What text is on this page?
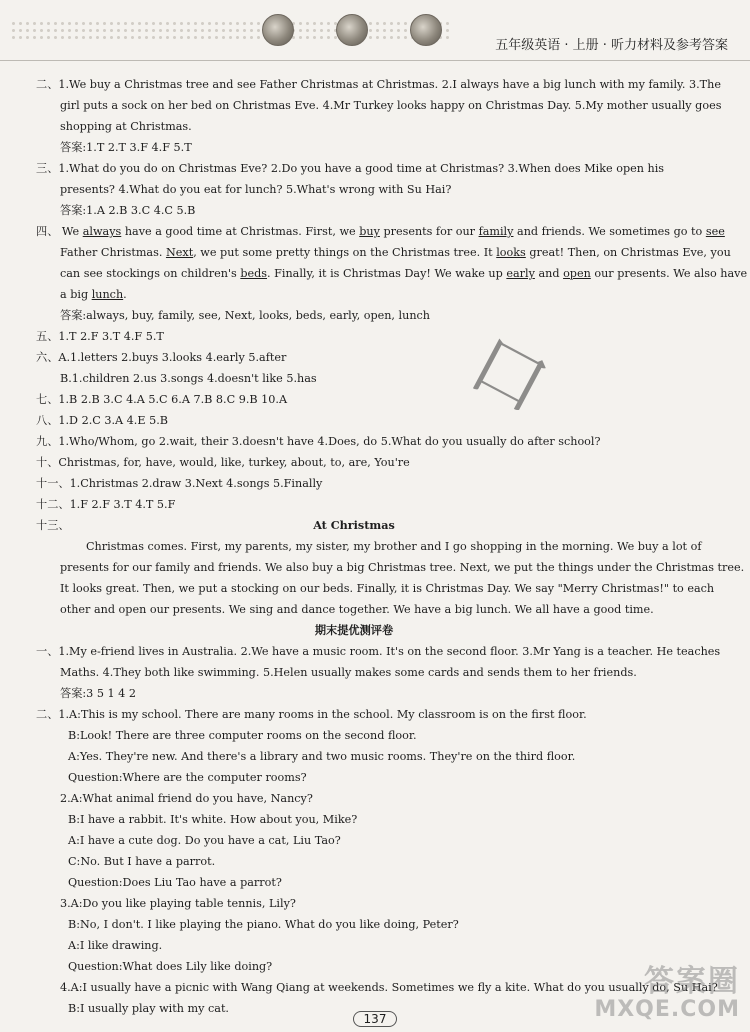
五年级英语 · 上册 · 听力材料及参考答案
二、1.We buy a Christmas tree and see Father Christmas at Christmas. 2.I always have a big lunch with my family. 3.The
girl puts a sock on her bed on Christmas Eve. 4.Mr Turkey looks happy on Christmas Day. 5.My mother usually goes
shopping at Christmas.
答案:1.T 2.T 3.F 4.F 5.T
三、1.What do you do on Christmas Eve? 2.Do you have a good time at Christmas? 3.When does Mike open his
presents? 4.What do you eat for lunch? 5.What's wrong with Su Hai?
答案:1.A 2.B 3.C 4.C 5.B
四、 We always have a good time at Christmas. First, we buy presents for our family and friends. We sometimes go to see
Father Christmas. Next, we put some pretty things on the Christmas tree. It looks great! Then, on Christmas Eve, you
can see stockings on children's beds. Finally, it is Christmas Day! We wake up early and open our presents. We also have
a big lunch.
答案:always, buy, family, see, Next, looks, beds, early, open, lunch
五、1.T 2.F 3.T 4.F 5.T
六、A.1.letters 2.buys 3.looks 4.early 5.after
B.1.children 2.us 3.songs 4.doesn't like 5.has
七、1.B 2.B 3.C 4.A 5.C 6.A 7.B 8.C 9.B 10.A
八、1.D 2.C 3.A 4.E 5.B
九、1.Who/Whom, go 2.wait, their 3.doesn't have 4.Does, do 5.What do you usually do after school?
十、Christmas, for, have, would, like, turkey, about, to, are, You're
十一、1.Christmas 2.draw 3.Next 4.songs 5.Finally
十二、1.F 2.F 3.T 4.T 5.F
十三、	At Christmas
Christmas comes. First, my parents, my sister, my brother and I go shopping in the morning. We buy a lot of
presents for our family and friends. We also buy a big Christmas tree. Next, we put the things under the Christmas tree.
It looks great. Then, we put a stocking on our beds. Finally, it is Christmas Day. We say "Merry Christmas!" to each
other and open our presents. We sing and dance together. We have a big lunch. We all have a good time.
期末提优测评卷
一、1.My e-friend lives in Australia. 2.We have a music room. It's on the second floor. 3.Mr Yang is a teacher. He teaches
Maths. 4.They both like swimming. 5.Helen usually makes some cards and sends them to her friends.
答案:3 5 1 4 2
二、1.A:This is my school. There are many rooms in the school. My classroom is on the first floor.
B:Look! There are three computer rooms on the second floor.
A:Yes. They're new. And there's a library and two music rooms. They're on the third floor.
Question:Where are the computer rooms?
2.A:What animal friend do you have, Nancy?
B:I have a rabbit. It's white. How about you, Mike?
A:I have a cute dog. Do you have a cat, Liu Tao?
C:No. But I have a parrot.
Question:Does Liu Tao have a parrot?
3.A:Do you like playing table tennis, Lily?
B:No, I don't. I like playing the piano. What do you like doing, Peter?
A:I like drawing.
Question:What does Lily like doing?
4.A:I usually have a picnic with Wang Qiang at weekends. Sometimes we fly a kite. What do you usually do, Su Hai?
B:I usually play with my cat.
口
137
答案圈
MXQE.COM
